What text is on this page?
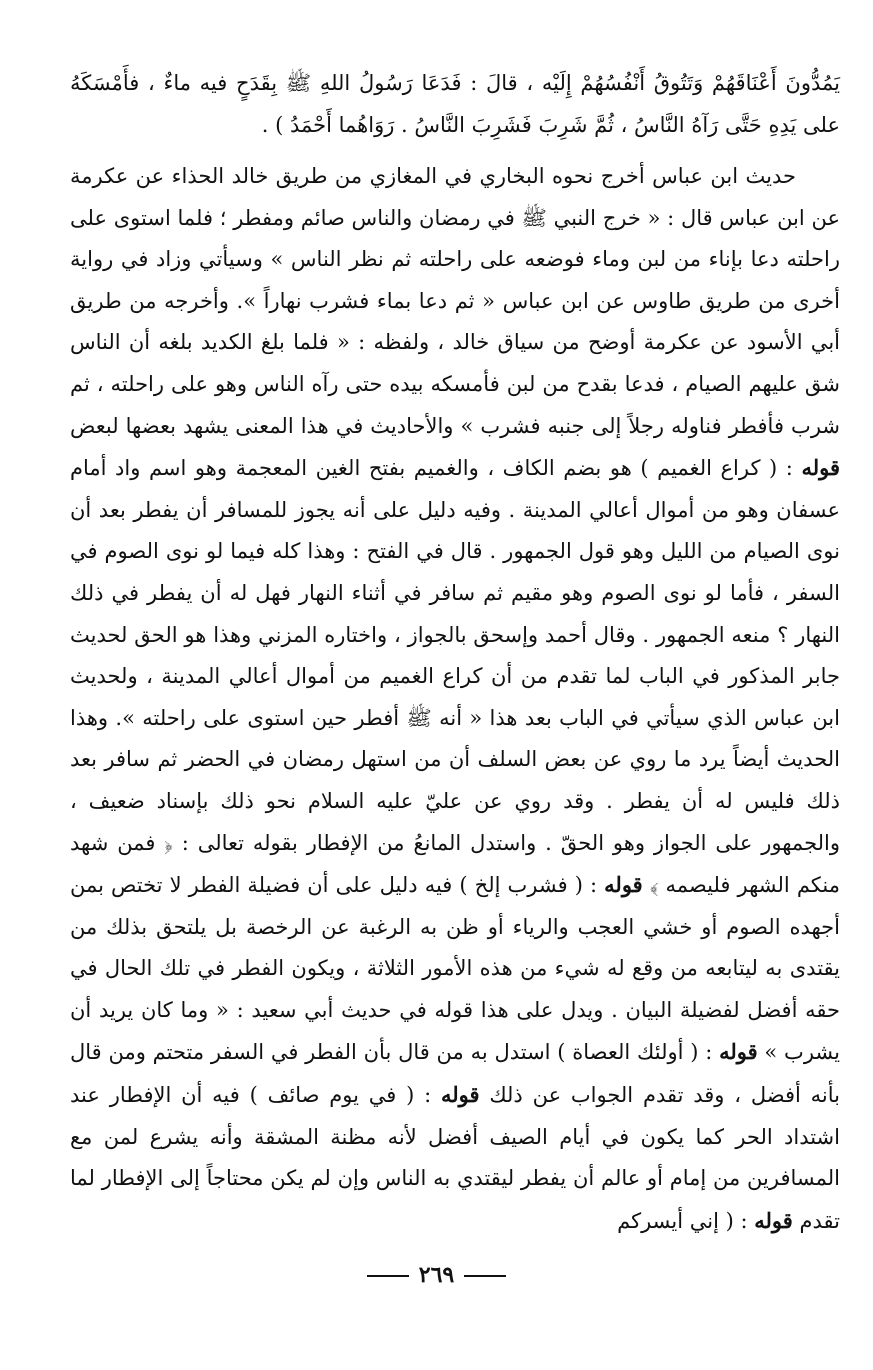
يَمُدُّونَ أَعْنَاقَهُمْ وَتَتُوقُ أَنْفُسُهُمْ إِلَيْه ، قالَ : فَدَعَا رَسُولُ اللهِ ﷺ بِقَدَحٍ فيه ماءٌ ، فأَمْسَكَهُ على يَدِهِ حَتَّى رَآهُ النَّاسُ ، ثُمَّ شَرِبَ فَشَرِبَ النَّاسُ . رَوَاهُما أَحْمَدُ ) .

حديث ابن عباس أخرج نحوه البخاري في المغازي من طريق خالد الحذاء عن عكرمة عن ابن عباس قال : « خرج النبي ﷺ في رمضان والناس صائم ومفطر ؛ فلما استوى على راحلته دعا بإناء من لبن وماء فوضعه على راحلته ثم نظر الناس » وسيأتي وزاد في رواية أخرى من طريق طاوس عن ابن عباس « ثم دعا بماء فشرب نهاراً ». وأخرجه من طريق أبي الأسود عن عكرمة أوضح من سياق خالد ، ولفظه : « فلما بلغ الكديد بلغه أن الناس شق عليهم الصيام ، فدعا بقدح من لبن فأمسكه بيده حتى رآه الناس وهو على راحلته ، ثم شرب فأفطر فناوله رجلاً إلى جنبه فشرب » والأحاديث في هذا المعنى يشهد بعضها لبعض قوله : ( كراع الغميم ) هو بضم الكاف ، والغميم بفتح الغين المعجمة وهو اسم واد أمام عسفان وهو من أموال أعالي المدينة . وفيه دليل على أنه يجوز للمسافر أن يفطر بعد أن نوى الصيام من الليل وهو قول الجمهور . قال في الفتح : وهذا كله فيما لو نوى الصوم في السفر ، فأما لو نوى الصوم وهو مقيم ثم سافر في أثناء النهار فهل له أن يفطر في ذلك النهار ؟ منعه الجمهور . وقال أحمد وإسحق بالجواز ، واختاره المزني وهذا هو الحق لحديث جابر المذكور في الباب لما تقدم من أن كراع الغميم من أموال أعالي المدينة ، ولحديث ابن عباس الذي سيأتي في الباب بعد هذا « أنه ﷺ أفطر حين استوى على راحلته ». وهذا الحديث أيضاً يرد ما روي عن بعض السلف أن من استهل رمضان في الحضر ثم سافر بعد ذلك فليس له أن يفطر . وقد روي عن عليّ عليه السلام نحو ذلك بإسناد ضعيف ، والجمهور على الجواز وهو الحقّ . واستدل المانعُ من الإفطار بقوله تعالى : ﴿ فمن شهد منكم الشهر فليصمه ﴾ قوله : ( فشرب إلخ ) فيه دليل على أن فضيلة الفطر لا تختص بمن أجهده الصوم أو خشي العجب والرياء أو ظن به الرغبة عن الرخصة بل يلتحق بذلك من يقتدى به ليتابعه من وقع له شيء من هذه الأمور الثلاثة ، ويكون الفطر في تلك الحال في حقه أفضل لفضيلة البيان . ويدل على هذا قوله في حديث أبي سعيد : « وما كان يريد أن يشرب » قوله : ( أولئك العصاة ) استدل به من قال بأن الفطر في السفر متحتم ومن قال بأنه أفضل ، وقد تقدم الجواب عن ذلك قوله : ( في يوم صائف ) فيه أن الإفطار عند اشتداد الحر كما يكون في أيام الصيف أفضل لأنه مظنة المشقة وأنه يشرع لمن مع المسافرين من إمام أو عالم أن يفطر ليقتدي به الناس وإن لم يكن محتاجاً إلى الإفطار لما تقدم قوله : ( إني أيسركم

٢٦٩
